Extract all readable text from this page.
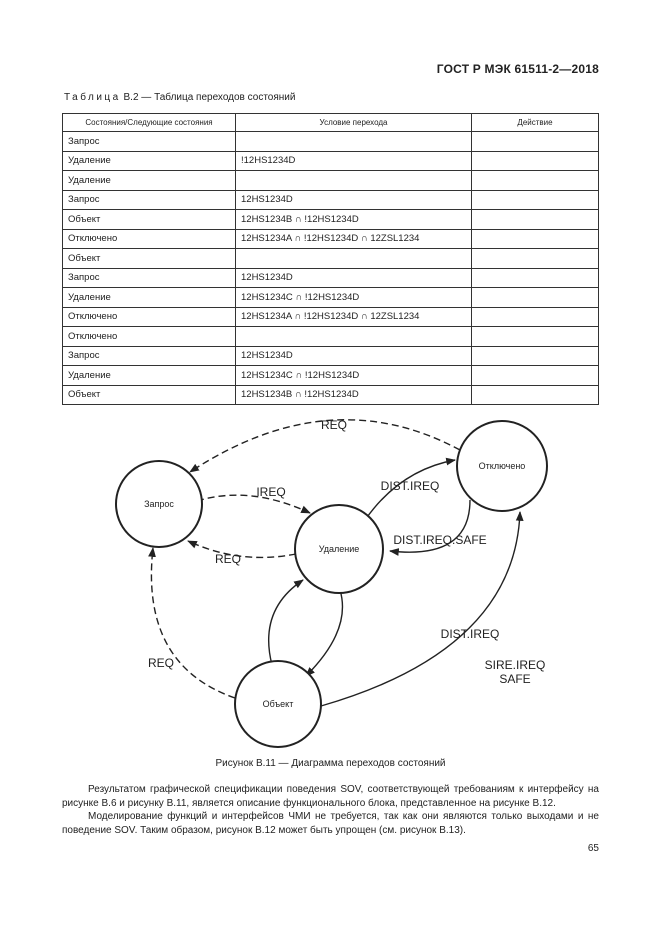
ГОСТ Р МЭК 61511-2—2018
Таблица В.2 — Таблица переходов состояний
Состояния/Следующие состояния	Условие перехода	Действие
Запрос		
Удаление	!12HS1234D	
Удаление		
Запрос	12HS1234D	
Объект	12HS1234B ∩ !12HS1234D	
Отключено	12HS1234A ∩ !12HS1234D ∩ 12ZSL1234	
Объект		
Запрос	12HS1234D	
Удаление	12HS1234C ∩ !12HS1234D	
Отключено	12HS1234A ∩ !12HS1234D ∩ 12ZSL1234	
Отключено		
Запрос	12HS1234D	
Удаление	12HS1234C ∩ !12HS1234D	
Объект	12HS1234B ∩ !12HS1234D	
Запрос
Удаление
Отключено
Объект
REQ
IREQ
REQ
DIST.IREQ
DIST.IREQ.SAFE
DIST.IREQ
REQ	SIRE.IREQ
SAFE
Рисунок В.11 — Диаграмма переходов состояний

Результатом графической спецификации поведения SOV, соответствующей требованиям к интерфейсу на рисунке В.6 и рисунку В.11, является описание функционального блока, представленное на рисунке В.12.

Моделирование функций и интерфейсов ЧМИ не требуется, так как они являются только выходами и не поведение SOV. Таким образом, рисунок В.12 может быть упрощен (см. рисунок В.13).

65
